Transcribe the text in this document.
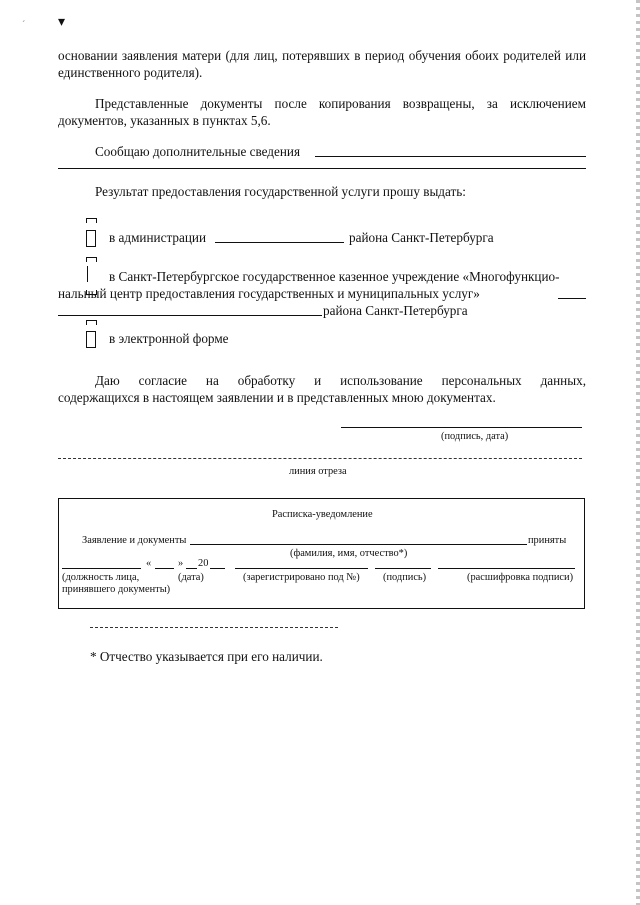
ˊ ▾
основании заявления матери (для лиц, потерявших в период обучения обоих родителей или единственного родителя).
Представленные документы после копирования возвращены, за исключением документов, указанных в пунктах 5,6.
Сообщаю дополнительные сведения
Результат предоставления государственной услуги прошу выдать:
в администрации	района Санкт-Петербурга
в Санкт-Петербургское государственное казенное учреждение «Многофункцио-
нальный центр предоставления государственных и муниципальных услуг»
района Санкт-Петербурга
в электронной форме
Даю согласие на обработку и использование персональных данных,
содержащихся в настоящем заявлении и в представленных мною документах.
(подпись, дата)
линия отреза
Расписка-уведомление
Заявление и документы	приняты
(фамилия, имя, отчество*)
«	» 20
(должность лица,
принявшего документы)
(дата)	(зарегистрировано под №) (подпись)	(расшифровка подписи)
* Отчество указывается при его наличии.
